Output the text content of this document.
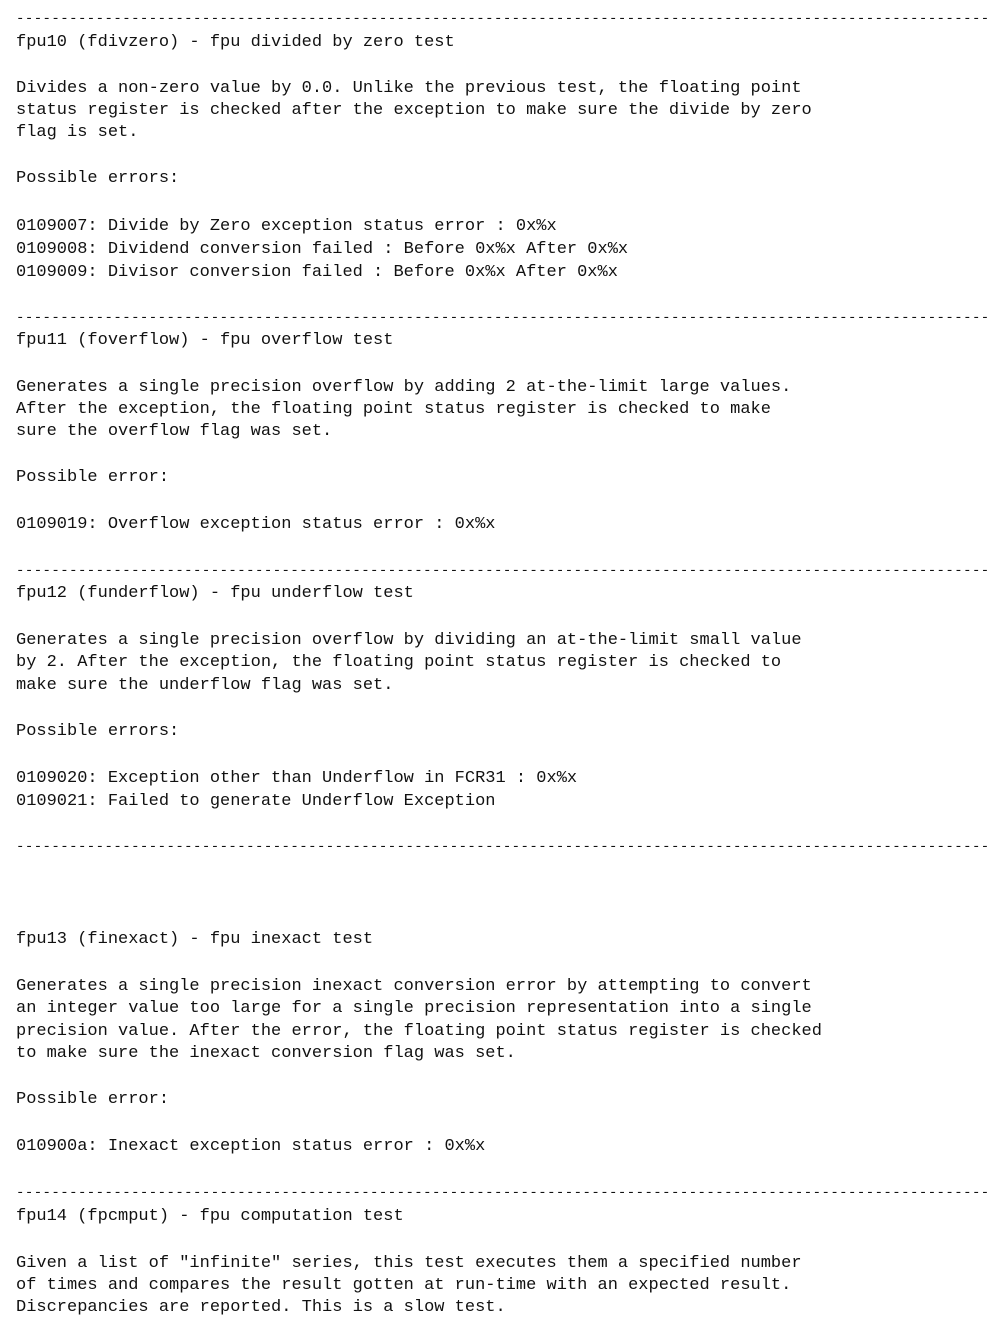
--------------------------------------------------------------------------------------------------------------
fpu10 (fdivzero) - fpu divided by zero test
Divides a non-zero value by 0.0. Unlike the previous test, the floating point
status register is checked after the exception to make sure the divide by zero
flag is set.
Possible errors:
0109007: Divide by Zero exception status error : 0x%x
0109008: Dividend conversion failed : Before 0x%x After 0x%x
0109009: Divisor conversion failed : Before 0x%x After 0x%x
--------------------------------------------------------------------------------------------------------------
fpu11 (foverflow) - fpu overflow test
Generates a single precision overflow by adding 2 at-the-limit large values.
After the exception, the floating point status register is checked to make
sure the overflow flag was set.
Possible error:
0109019: Overflow exception status error : 0x%x
--------------------------------------------------------------------------------------------------------------
fpu12 (funderflow) - fpu underflow test
Generates a single precision overflow by dividing an at-the-limit small value
by 2. After the exception, the floating point status register is checked to
make sure the underflow flag was set.
Possible errors:
0109020: Exception other than Underflow in FCR31 : 0x%x
0109021: Failed to generate Underflow Exception
--------------------------------------------------------------------------------------------------------------
fpu13 (finexact) - fpu inexact test
Generates a single precision inexact conversion error by attempting to convert
an integer value too large for a single precision representation into a single
precision value. After the error, the floating point status register is checked
to make sure the inexact conversion flag was set.
Possible error:
010900a: Inexact exception status error : 0x%x
--------------------------------------------------------------------------------------------------------------
fpu14 (fpcmput) - fpu computation test
Given a list of "infinite" series, this test executes them a specified number
of times and compares the result gotten at run-time with an expected result.
Discrepancies are reported. This is a slow test.
